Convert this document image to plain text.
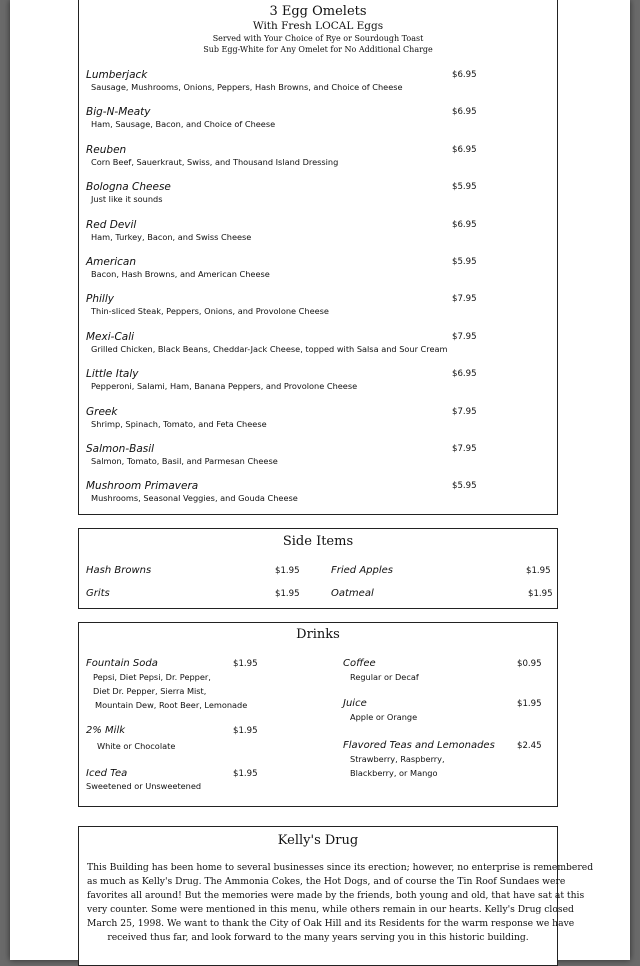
3 Egg Omelets
With Fresh LOCAL Eggs
Served with Your Choice of Rye or Sourdough Toast
Sub Egg-White for Any Omelet for No Additional Charge
Lumberjack
Sausage, Mushrooms, Onions, Peppers, Hash Browns, and Choice of Cheese
$6.95
Big-N-Meaty
Ham, Sausage, Bacon, and Choice of Cheese
$6.95
Reuben
Corn Beef, Sauerkraut, Swiss, and Thousand Island Dressing
$6.95
Bologna Cheese
Just like it sounds
$5.95
Red Devil
Ham, Turkey, Bacon, and Swiss Cheese
$6.95
American
Bacon, Hash Browns, and American Cheese
$5.95
Philly
Thin-sliced Steak, Peppers, Onions, and Provolone Cheese
$7.95
Mexi-Cali
Grilled Chicken, Black Beans, Cheddar-Jack Cheese, topped with Salsa and Sour Cream
$7.95
Little Italy
Pepperoni, Salami, Ham, Banana Peppers, and Provolone Cheese
$6.95
Greek
Shrimp, Spinach, Tomato, and Feta Cheese
$7.95
Salmon-Basil
Salmon, Tomato, Basil, and Parmesan Cheese
$7.95
Mushroom Primavera
Mushrooms, Seasonal Veggies, and Gouda Cheese
$5.95
Side Items
Hash Browns	$1.95
Grits	$1.95
Fried Apples	$1.95
Oatmeal	$1.95
Drinks
Fountain Soda	$1.95
Pepsi, Diet Pepsi, Dr. Pepper,
Diet Dr. Pepper, Sierra Mist,
Mountain Dew, Root Beer, Lemonade
2% Milk	$1.95
White or Chocolate
Iced Tea	$1.95
Sweetened or Unsweetened
Coffee	$0.95
Regular or Decaf
Juice	$1.95
Apple or Orange
Flavored Teas and Lemonades	$2.45
Strawberry, Raspberry,
Blackberry, or Mango
Kelly's Drug
This Building has been home to several businesses since its erection; however, no enterprise is remembered
as much as Kelly's Drug. The Ammonia Cokes, the Hot Dogs, and of course the Tin Roof Sundaes were
favorites all around! But the memories were made by the friends, both young and old, that have sat at this
very counter. Some were mentioned in this menu, while others remain in our hearts. Kelly's Drug closed
March 25, 1998. We want to thank the City of Oak Hill and its Residents for the warm response we have
received thus far, and look forward to the many years serving you in this historic building.
